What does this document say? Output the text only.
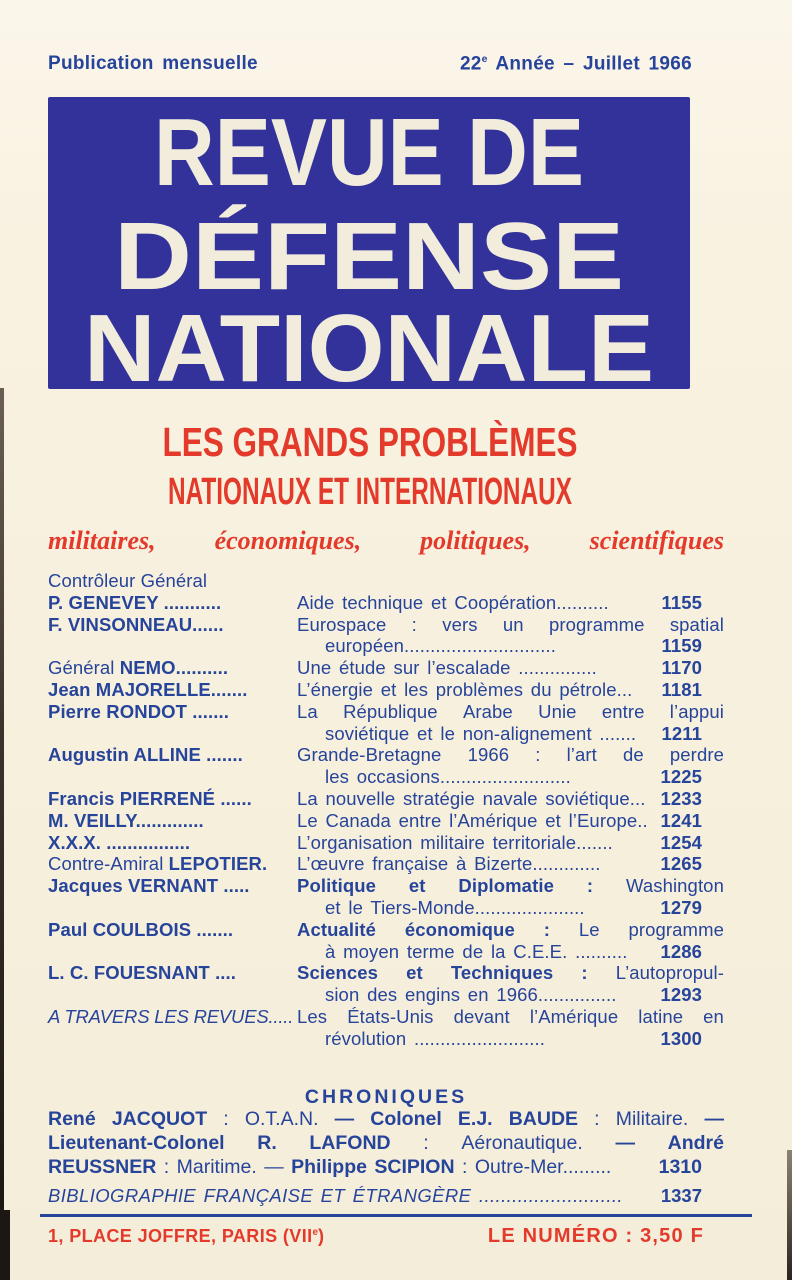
Publication mensuelle	22e Année – Juillet 1966
REVUE DE
DÉFENSE
NATIONALE
LES GRANDS PROBLÈMES
NATIONAUX ET INTERNATIONAUX
militaires, économiques, politiques, scientifiques
Contrôleur Général
P. GENEVEY ...........	Aide technique et Coopération..........	1155
F. VINSONNEAU......	Eurospace : vers un programme spatial
européen.............................	1159
Général NEMO..........	Une étude sur l’escalade ...............	1170
Jean MAJORELLE.......	L’énergie et les problèmes du pétrole... 1181
Pierre RONDOT .......	La République Arabe Unie entre l’appui
soviétique et le non-alignement ....... 1211
Augustin ALLINE .......	Grande-Bretagne 1966 : l’art de perdre
les occasions.........................	1225
Francis PIERRENÉ ......	La nouvelle stratégie navale soviétique... 1233
M. VEILLY.............	Le Canada entre l’Amérique et l’Europe.. 1241
X.X.X. ................	L’organisation militaire territoriale.......	1254
Contre-Amiral LEPOTIER.	L’œuvre française à Bizerte.............	1265
Jacques VERNANT .....	Politique et Diplomatie : Washington
et le Tiers-Monde.....................	1279
Paul COULBOIS .......	Actualité économique : Le programme
à moyen terme de la C.E.E. .......... 1286
L. C. FOUESNANT ....	Sciences et Techniques : L’autopropul-
sion des engins en 1966............... 1293
A TRAVERS LES REVUES..... Les États-Unis devant l’Amérique latine en
révolution .........................	1300
CHRONIQUES
René JACQUOT : O.T.A.N. — Colonel E.J. BAUDE : Militaire. —
Lieutenant-Colonel R. LAFOND : Aéronautique. — André
REUSSNER : Maritime. — Philippe SCIPION : Outre-Mer......... 1310
BIBLIOGRAPHIE FRANÇAISE ET ÉTRANGÈRE .......................... 1337
1, PLACE JOFFRE, PARIS (VIIe)	LE NUMÉRO : 3,50 F
